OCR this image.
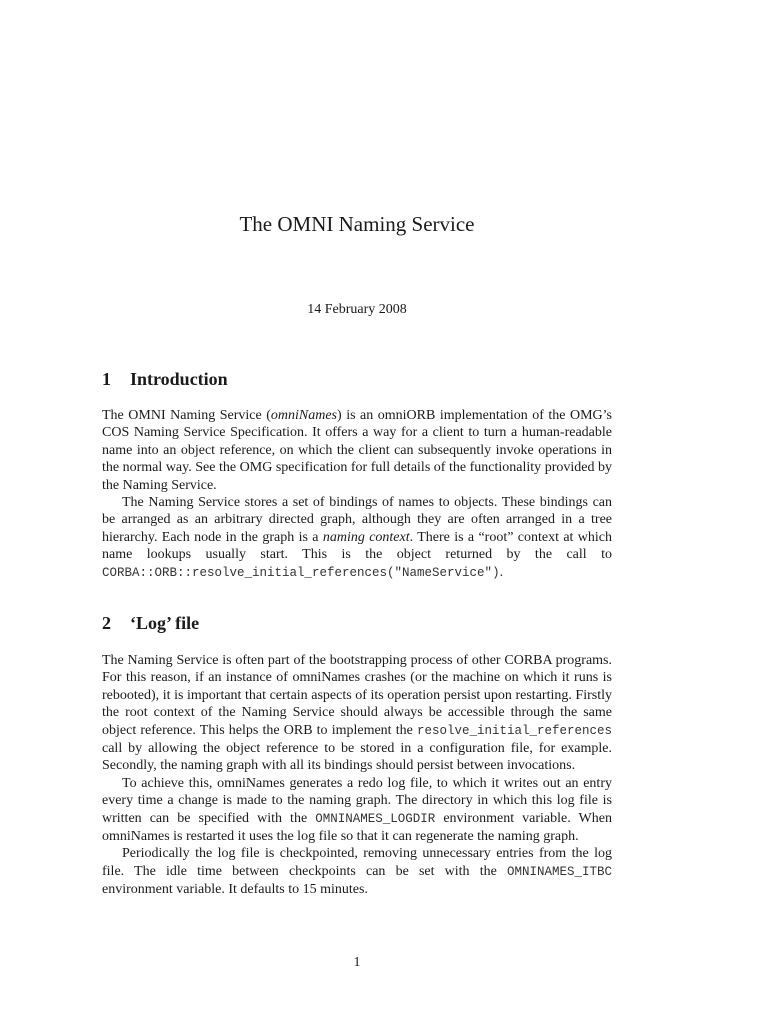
The OMNI Naming Service
14 February 2008
1 Introduction

The OMNI Naming Service (omniNames) is an omniORB implementation of the OMG’s COS Naming Service Specification. It offers a way for a client to turn a human-readable name into an object reference, on which the client can subsequently invoke operations in the normal way. See the OMG specification for full details of the functionality provided by the Naming Service.

The Naming Service stores a set of bindings of names to objects. These bindings can be arranged as an arbitrary directed graph, although they are often arranged in a tree hierarchy. Each node in the graph is a naming context. There is a “root” context at which name lookups usually start. This is the object returned by the call to CORBA::ORB::resolve_initial_references("NameService").

2 ‘Log’ file

The Naming Service is often part of the bootstrapping process of other CORBA programs. For this reason, if an instance of omniNames crashes (or the machine on which it runs is rebooted), it is important that certain aspects of its operation persist upon restarting. Firstly the root context of the Naming Service should always be accessible through the same object reference. This helps the ORB to implement the resolve_initial_references call by allowing the object reference to be stored in a configuration file, for example. Secondly, the naming graph with all its bindings should persist between invocations.

To achieve this, omniNames generates a redo log file, to which it writes out an entry every time a change is made to the naming graph. The directory in which this log file is written can be specified with the OMNINAMES_LOGDIR environment variable. When omniNames is restarted it uses the log file so that it can regenerate the naming graph.

Periodically the log file is checkpointed, removing unnecessary entries from the log file. The idle time between checkpoints can be set with the OMNINAMES_ITBC environment variable. It defaults to 15 minutes.

1
